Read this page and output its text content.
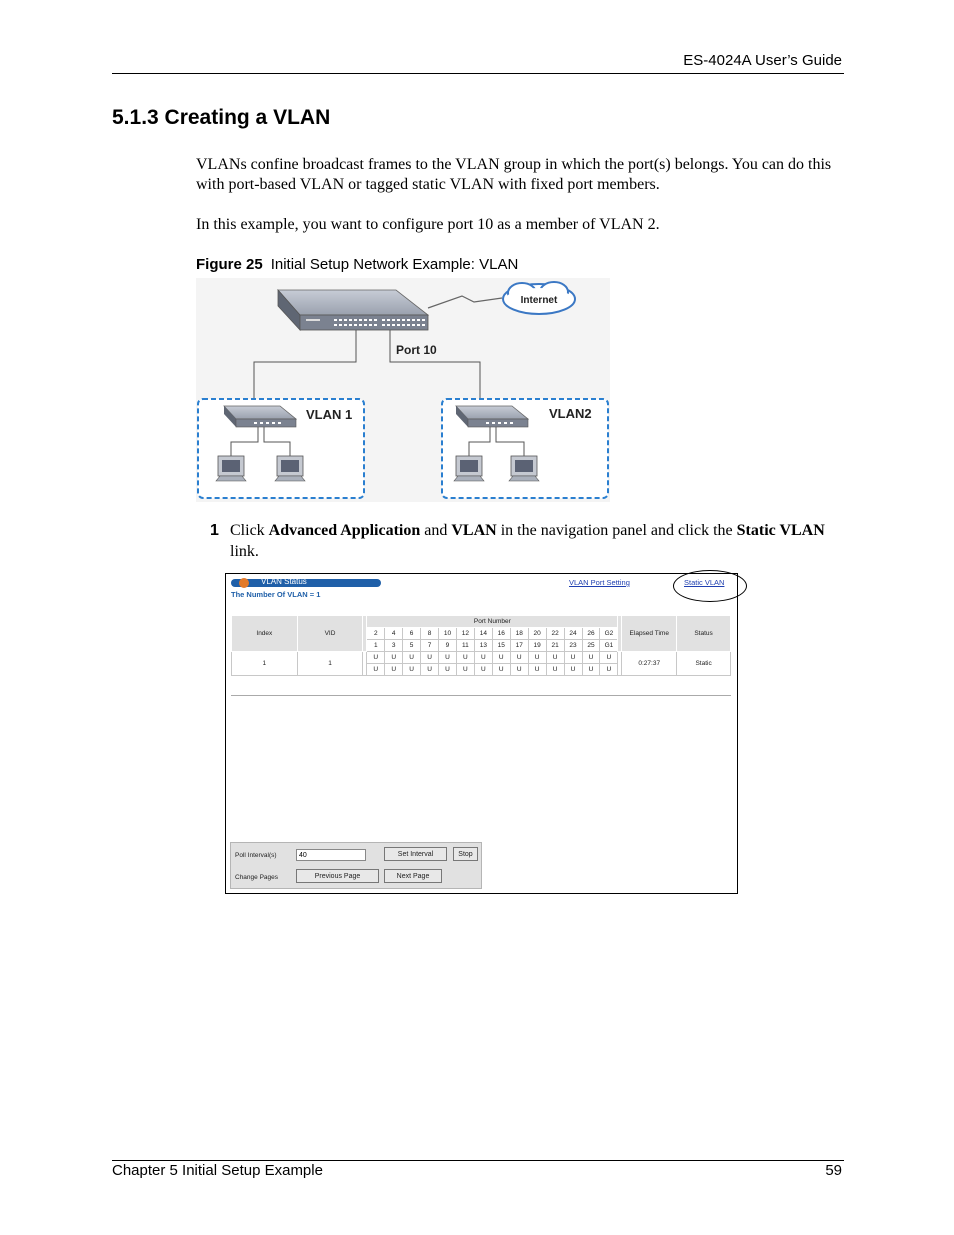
ES-4024A User’s Guide
5.1.3 Creating a VLAN
VLANs confine broadcast frames to the VLAN group in which the port(s) belongs. You can do this with port-based VLAN or tagged static VLAN with fixed port members.
In this example, you want to configure port 10 as a member of VLAN 2.
Figure 25 Initial Setup Network Example: VLAN
Internet
Port 10
VLAN 1	VLAN2
1 Click Advanced Application and VLAN in the navigation panel and click the Static VLAN link.
VLAN Status
The Number Of VLAN = 1
VLAN Port Setting	Static VLAN
Index	VID		Port Number															Elapsed Time	Status
			2	4	6	8	10	12	14	16	18	20	22	24	26	G2			
			1	3	5	7	9	11	13	15	17	19	21	23	25	G1			
1	1		U	U	U	U	U	U	U	U	U	U	U	U	U	U		0:27:37	Static
			U	U	U	U	U	U	U	U	U	U	U	U	U	U			
Poll Interval(s)	40	Set Interval	Stop
Change Pages	Previous Page	Next Page
Chapter 5 Initial Setup Example	59
